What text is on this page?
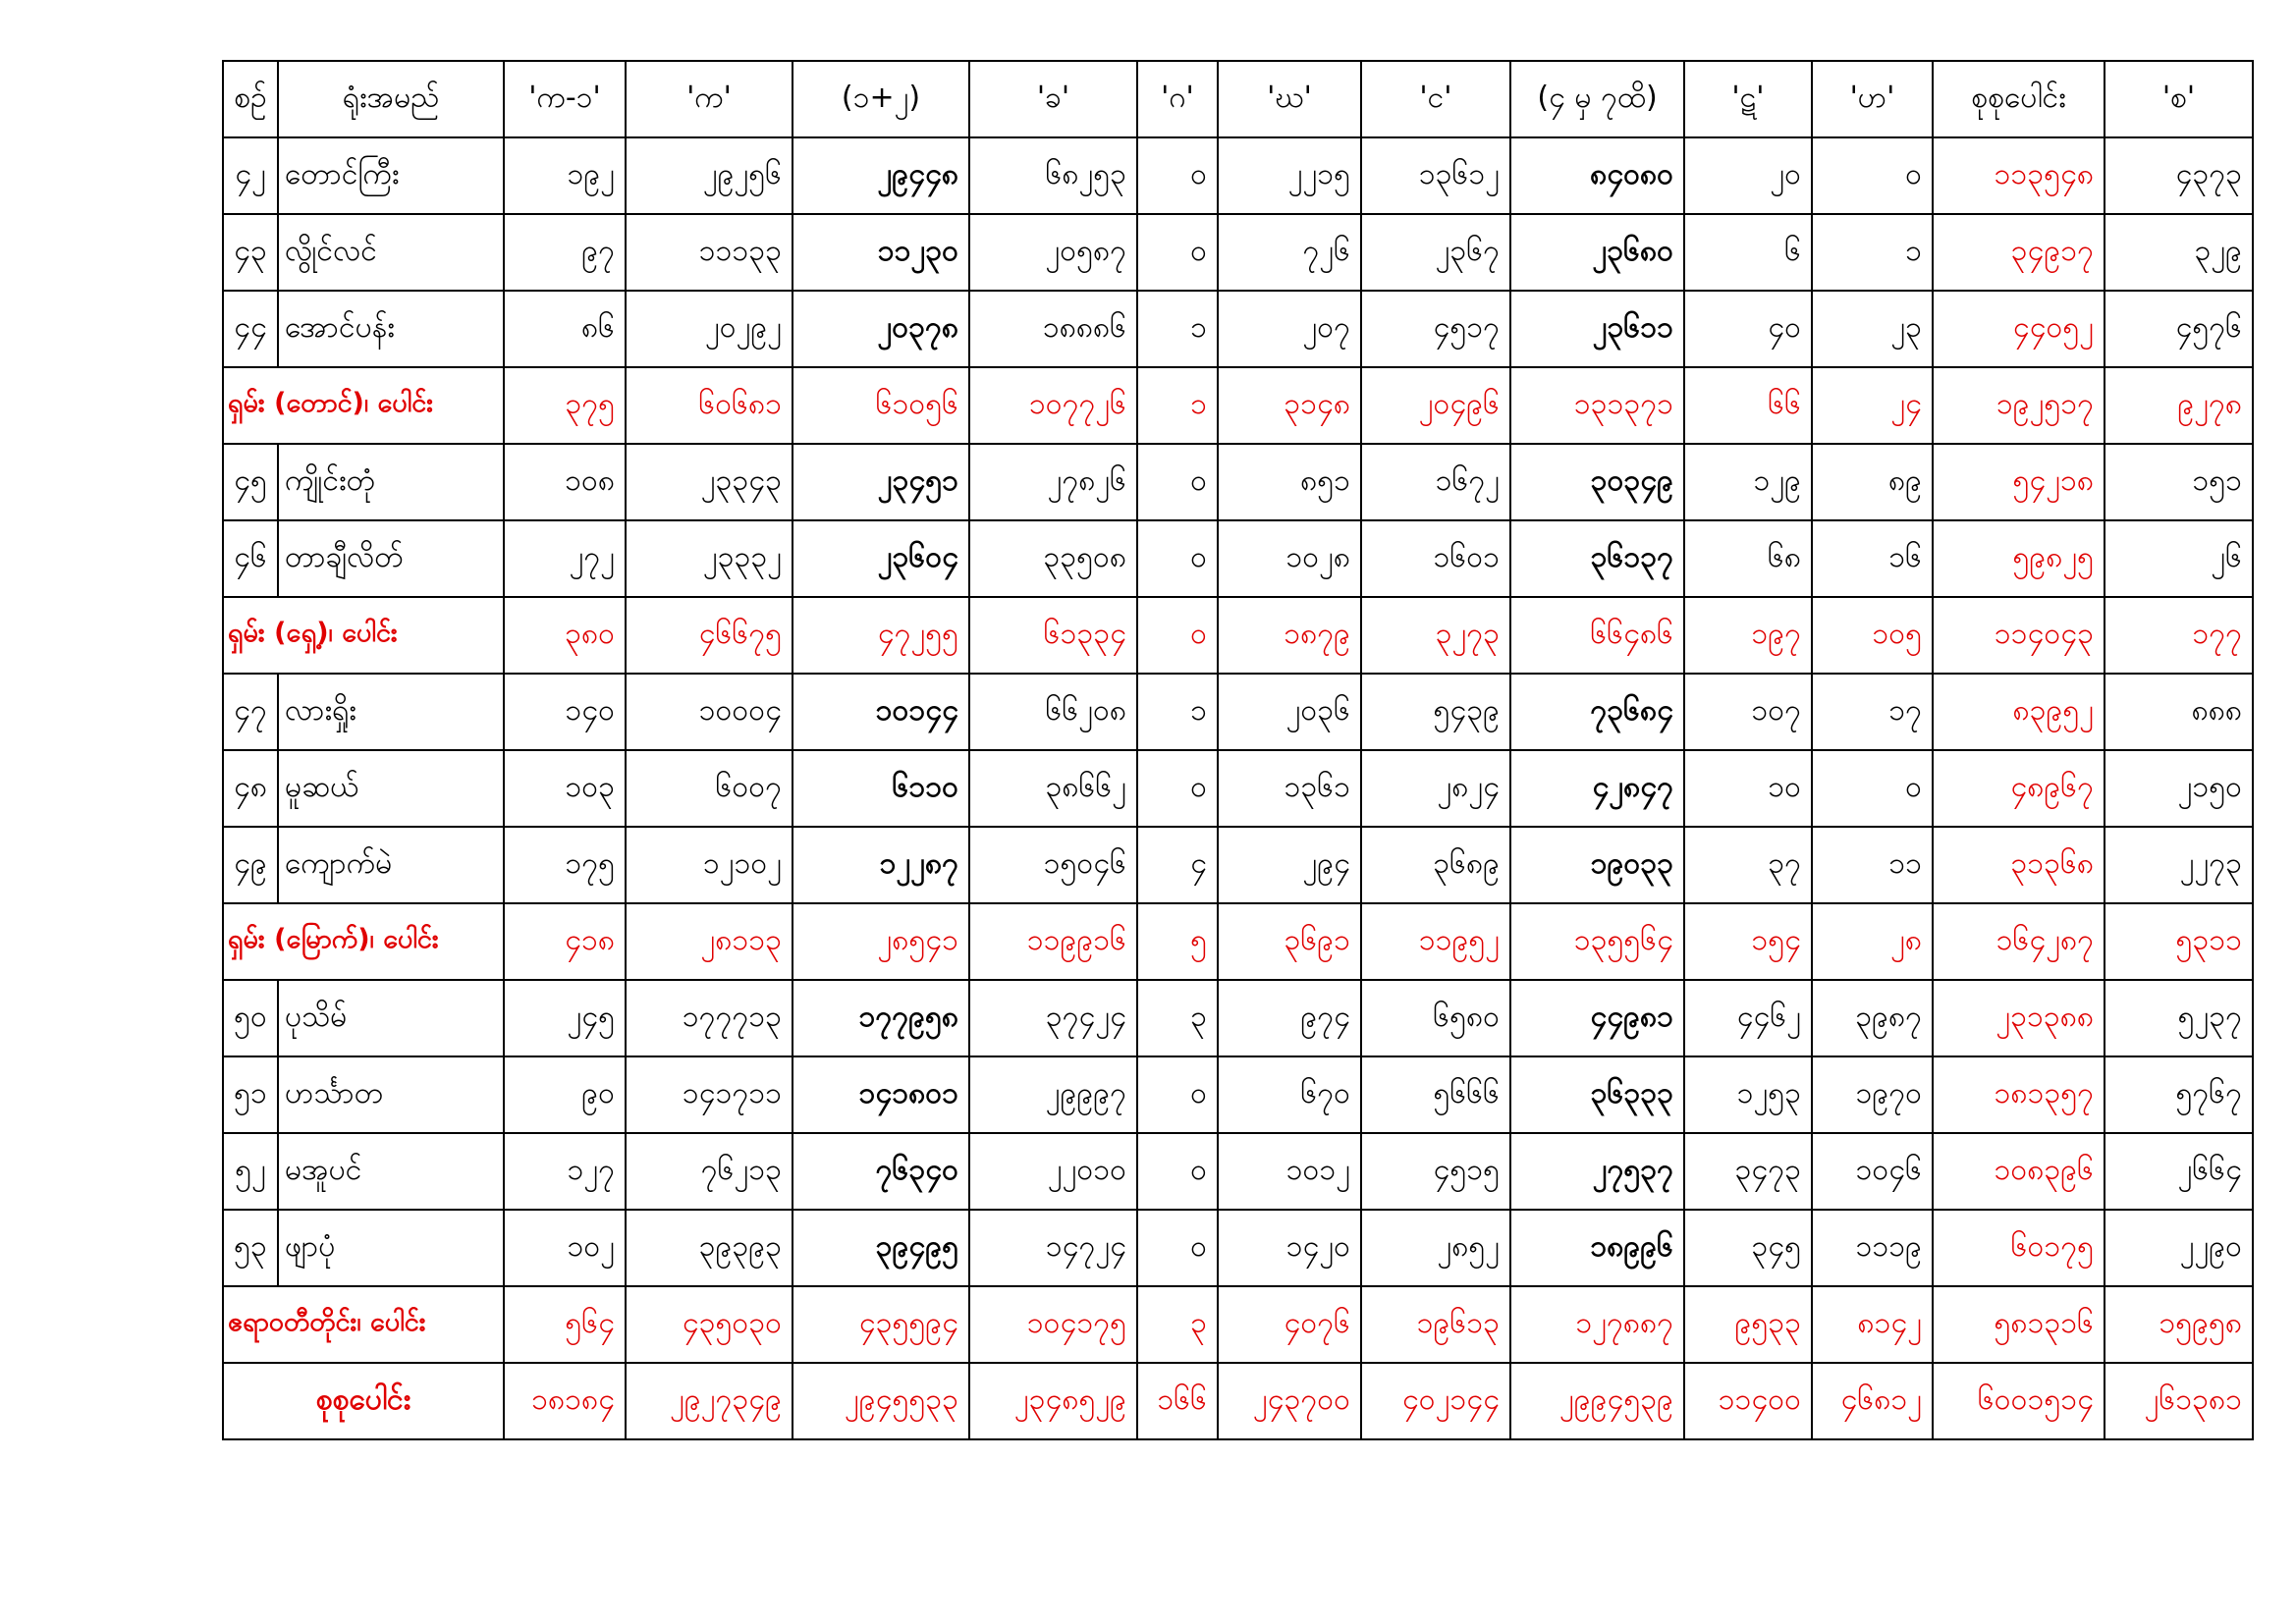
စဉ်	ရုံးအမည်	'က-၁'	'က'	(၁+၂)	'ခ'	'ဂ'	'ဃ'	'င'	(၄ မှ ၇ထိ)	'ဋ'	'ဟ'	စုစုပေါင်း	'စ'
၄၂	တောင်ကြီး	၁၉၂	၂၉၂၅၆	၂၉၄၄၈	၆၈၂၅၃	၀	၂၂၁၅	၁၃၆၁၂	၈၄၀၈၀	၂၀	၀	၁၁၃၅၄၈	၄၃၇၃
၄၃	လွိုင်လင်	၉၇	၁၁၁၃၃	၁၁၂၃၀	၂၀၅၈၇	၀	၇၂၆	၂၃၆၇	၂၃၆၈၀	၆	၁	၃၄၉၁၇	၃၂၉
၄၄	အောင်ပန်း	၈၆	၂၀၂၉၂	၂၀၃၇၈	၁၈၈၈၆	၁	၂၀၇	၄၅၁၇	၂၃၆၁၁	၄၀	၂၃	၄၄၀၅၂	၄၅၇၆
ရှမ်း (တောင်)၊ ပေါင်း		၃၇၅	၆၀၆၈၁	၆၁၀၅၆	၁၀၇၇၂၆	၁	၃၁၄၈	၂၀၄၉၆	၁၃၁၃၇၁	၆၆	၂၄	၁၉၂၅၁၇	၉၂၇၈
၄၅	ကျိုင်းတုံ	၁၀၈	၂၃၃၄၃	၂၃၄၅၁	၂၇၈၂၆	၀	၈၅၁	၁၆၇၂	၃၀၃၄၉	၁၂၉	၈၉	၅၄၂၁၈	၁၅၁
၄၆	တာချီလိတ်	၂၇၂	၂၃၃၃၂	၂၃၆၀၄	၃၃၅၀၈	၀	၁၀၂၈	၁၆၀၁	၃၆၁၃၇	၆၈	၁၆	၅၉၈၂၅	၂၆
ရှမ်း (ရှေ့)၊ ပေါင်း		၃၈၀	၄၆၆၇၅	၄၇၂၅၅	၆၁၃၃၄	၀	၁၈၇၉	၃၂၇၃	၆၆၄၈၆	၁၉၇	၁၀၅	၁၁၄၀၄၃	၁၇၇
၄၇	လားရှိုး	၁၄၀	၁၀၀၀၄	၁၀၁၄၄	၆၆၂၀၈	၁	၂၀၃၆	၅၄၃၉	၇၃၆၈၄	၁၀၇	၁၇	၈၃၉၅၂	၈၈၈
၄၈	မူဆယ်	၁၀၃	၆၀၀၇	၆၁၁၀	၃၈၆၆၂	၀	၁၃၆၁	၂၈၂၄	၄၂၈၄၇	၁၀	၀	၄၈၉၆၇	၂၁၅၀
၄၉	ကျောက်မဲ	၁၇၅	၁၂၁၀၂	၁၂၂၈၇	၁၅၀၄၆	၄	၂၉၄	၃၆၈၉	၁၉၀၃၃	၃၇	၁၁	၃၁၃၆၈	၂၂၇၃
ရှမ်း (မြောက်)၊ ပေါင်း		၄၁၈	၂၈၁၁၃	၂၈၅၄၁	၁၁၉၉၁၆	၅	၃၆၉၁	၁၁၉၅၂	၁၃၅၅၆၄	၁၅၄	၂၈	၁၆၄၂၈၇	၅၃၁၁
၅၀	ပုသိမ်	၂၄၅	၁၇၇၇၁၃	၁၇၇၉၅၈	၃၇၄၂၄	၃	၉၇၄	၆၅၈၀	၄၄၉၈၁	၄၄၆၂	၃၉၈၇	၂၃၁၃၈၈	၅၂၃၇
၅၁	ဟင်္သာတ	၉၀	၁၄၁၇၁၁	၁၄၁၈၀၁	၂၉၉၉၇	၀	၆၇၀	၅၆၆၆	၃၆၃၃၃	၁၂၅၃	၁၉၇၀	၁၈၁၃၅၇	၅၇၆၇
၅၂	မအူပင်	၁၂၇	၇၆၂၁၃	၇၆၃၄၀	၂၂၀၁၀	၀	၁၀၁၂	၄၅၁၅	၂၇၅၃၇	၃၄၇၃	၁၀၄၆	၁၀၈၃၉၆	၂၆၆၄
၅၃	ဖျာပုံ	၁၀၂	၃၉၃၉၃	၃၉၄၉၅	၁၄၇၂၄	၀	၁၄၂၀	၂၈၅၂	၁၈၉၉၆	၃၄၅	၁၁၁၉	၆၀၁၇၅	၂၂၉၀
ဧရာဝတီတိုင်း၊ ပေါင်း		၅၆၄	၄၃၅၀၃၀	၄၃၅၅၉၄	၁၀၄၁၇၅	၃	၄၀၇၆	၁၉၆၁၃	၁၂၇၈၈၇	၉၅၃၃	၈၁၄၂	၅၈၁၃၁၆	၁၅၉၅၈
စုစုပေါင်း		၁၈၁၈၄	၂၉၂၇၃၄၉	၂၉၄၅၅၃၃	၂၃၄၈၅၂၉	၁၆၆	၂၄၃၇၀၀	၄၀၂၁၄၄	၂၉၉၄၅၃၉	၁၁၄၀၀	၄၆၈၁၂	၆၀၀၁၅၁၄	၂၆၁၃၈၁
